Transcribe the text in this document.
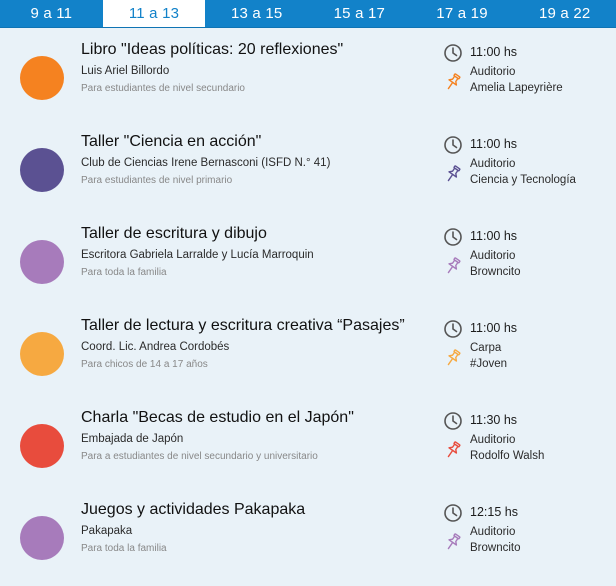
9 a 11	11 a 13	13 a 15	15 a 17	17 a 19	19 a 22
Libro "Ideas políticas: 20 reflexiones"
Luis Ariel Billordo
Para estudiantes de nivel secundario
11:00 hs
Auditorio
Amelia Lapeyrière
Taller "Ciencia en acción"
Club de Ciencias Irene Bernasconi (ISFD N.° 41)
Para estudiantes de nivel primario
11:00 hs
Auditorio
Ciencia y Tecnología
Taller de escritura y dibujo
Escritora Gabriela Larralde y Lucía Marroquin
Para toda la familia
11:00 hs
Auditorio
Browncito
Taller de lectura y escritura creativa “Pasajes”
Coord. Lic. Andrea Cordobés
Para chicos de 14 a 17 años
11:00 hs
Carpa
#Joven
Charla "Becas de estudio en el Japón"
Embajada de Japón
Para a estudiantes de nivel secundario y universitario
11:30 hs
Auditorio
Rodolfo Walsh
Juegos y actividades Pakapaka
Pakapaka
Para toda la familia
12:15 hs
Auditorio
Browncito
